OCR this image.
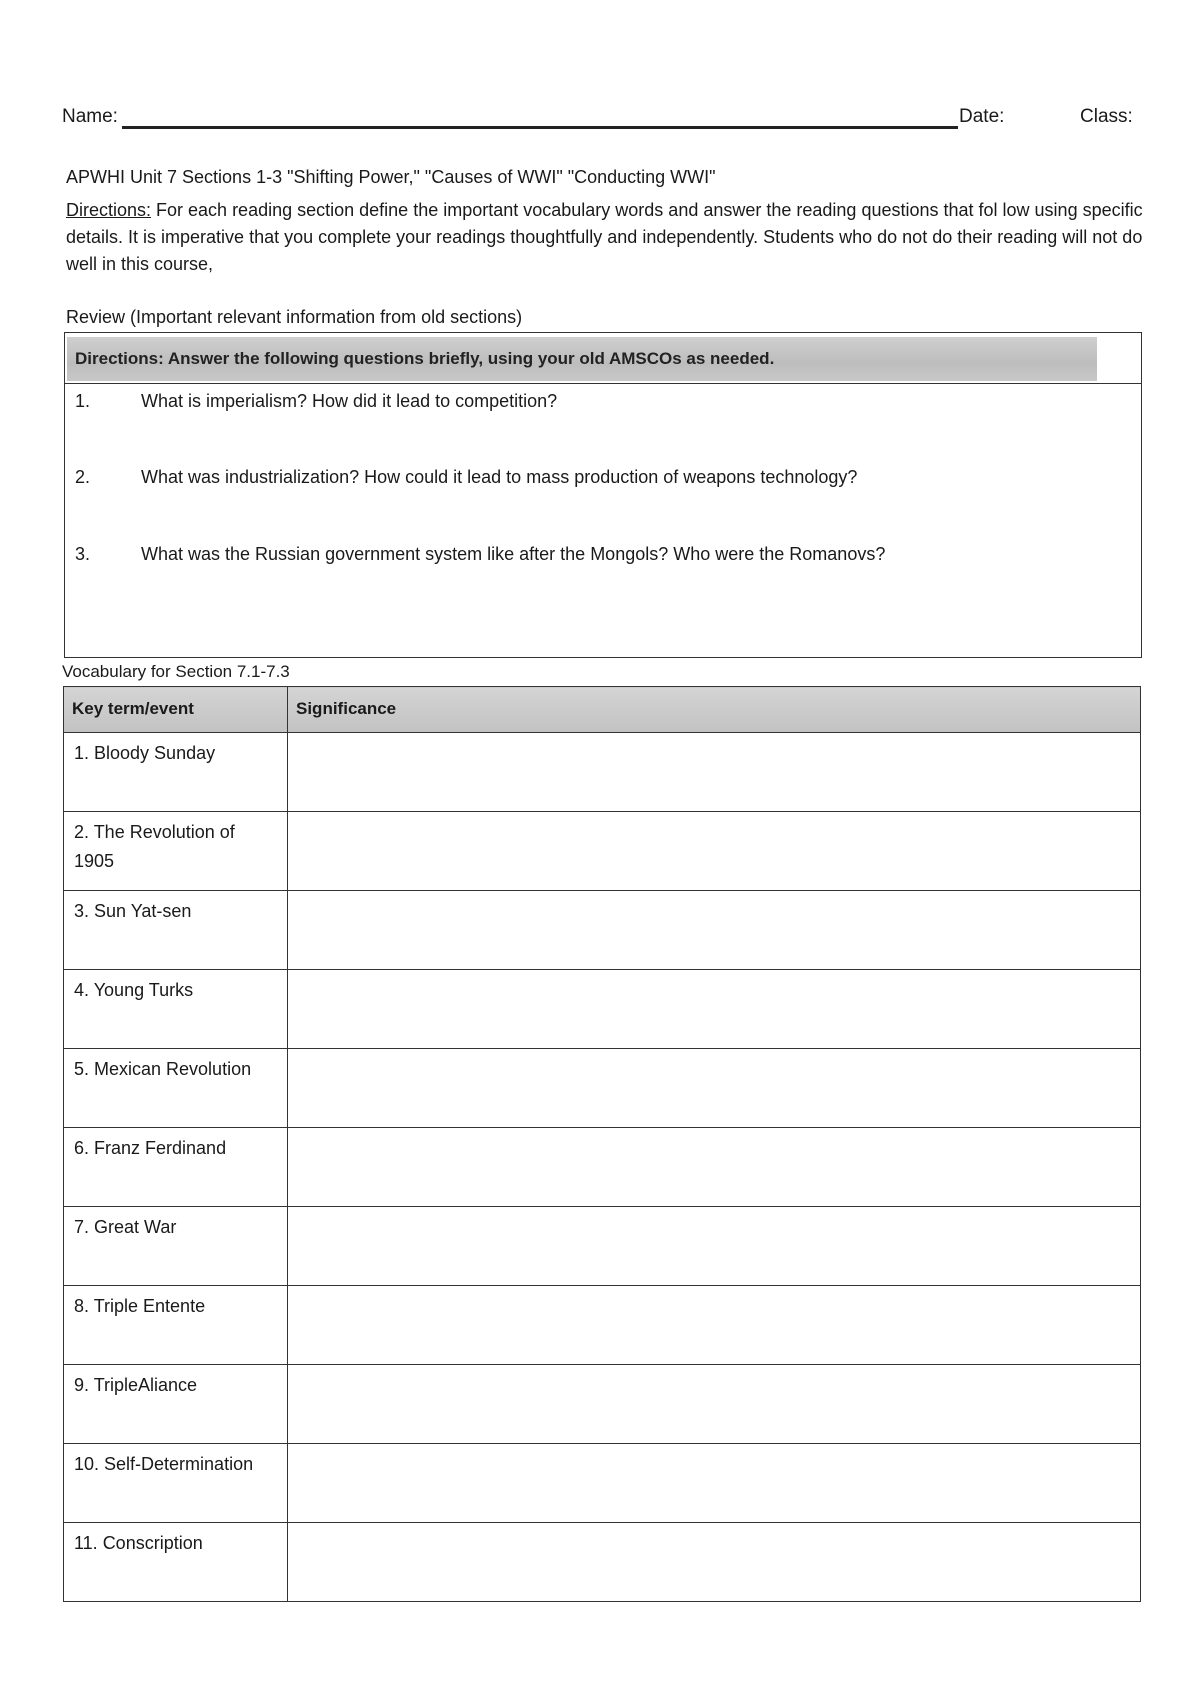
Name:	Date:	Class:
APWHI Unit 7 Sections 1-3 "Shifting Power," "Causes of WWI" "Conducting WWI"
Directions: For each reading section define the important vocabulary words and answer the reading questions that fol low using specific details. It is imperative that you complete your readings thoughtfully and independently. Students who do not do their reading will not do well in this course,
Review (Important relevant information from old sections)
Directions: Answer the following questions briefly, using your old AMSCOs as needed.
1.	What is imperialism? How did it lead to competition?
2.	What was industrialization? How could it lead to mass production of weapons technology?
3.	What was the Russian government system like after the Mongols? Who were the Romanovs?
Vocabulary for Section 7.1-7.3
Key term/event	Significance
1. Bloody Sunday	
2. The Revolution of 1905	
3. Sun Yat-sen	
4. Young Turks	
5. Mexican Revolution	
6. Franz Ferdinand	
7. Great War	
8. Triple Entente	
9. TripleAliance	
10. Self-Determination	
11. Conscription	
